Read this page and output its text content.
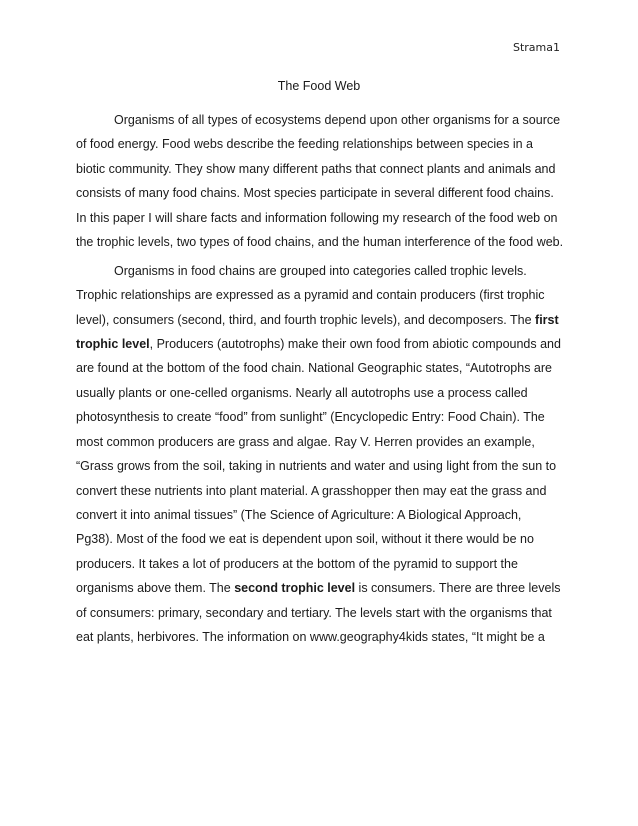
Strama1
The Food Web
Organisms of all types of ecosystems depend upon other organisms for a source
of food energy. Food webs describe the feeding relationships between species in a
biotic community. They show many different paths that connect plants and animals and
consists of many food chains. Most species participate in several different food chains.
In this paper I will share facts and information following my research of the food web on
the trophic levels, two types of food chains, and the human interference of the food web.
Organisms in food chains are grouped into categories called trophic levels.
Trophic relationships are expressed as a pyramid and contain producers (first trophic
level), consumers (second, third, and fourth trophic levels), and decomposers. The first
trophic level, Producers (autotrophs) make their own food from abiotic compounds and
are found at the bottom of the food chain. National Geographic states, “Autotrophs are
usually plants or one-celled organisms. Nearly all autotrophs use a process called
photosynthesis to create “food” from sunlight” (Encyclopedic Entry: Food Chain). The
most common producers are grass and algae. Ray V. Herren provides an example,
“Grass grows from the soil, taking in nutrients and water and using light from the sun to
convert these nutrients into plant material. A grasshopper then may eat the grass and
convert it into animal tissues” (The Science of Agriculture: A Biological Approach,
Pg38). Most of the food we eat is dependent upon soil, without it there would be no
producers. It takes a lot of producers at the bottom of the pyramid to support the
organisms above them. The second trophic level is consumers. There are three levels
of consumers: primary, secondary and tertiary. The levels start with the organisms that
eat plants, herbivores. The information on www.geography4kids states, “It might be a
